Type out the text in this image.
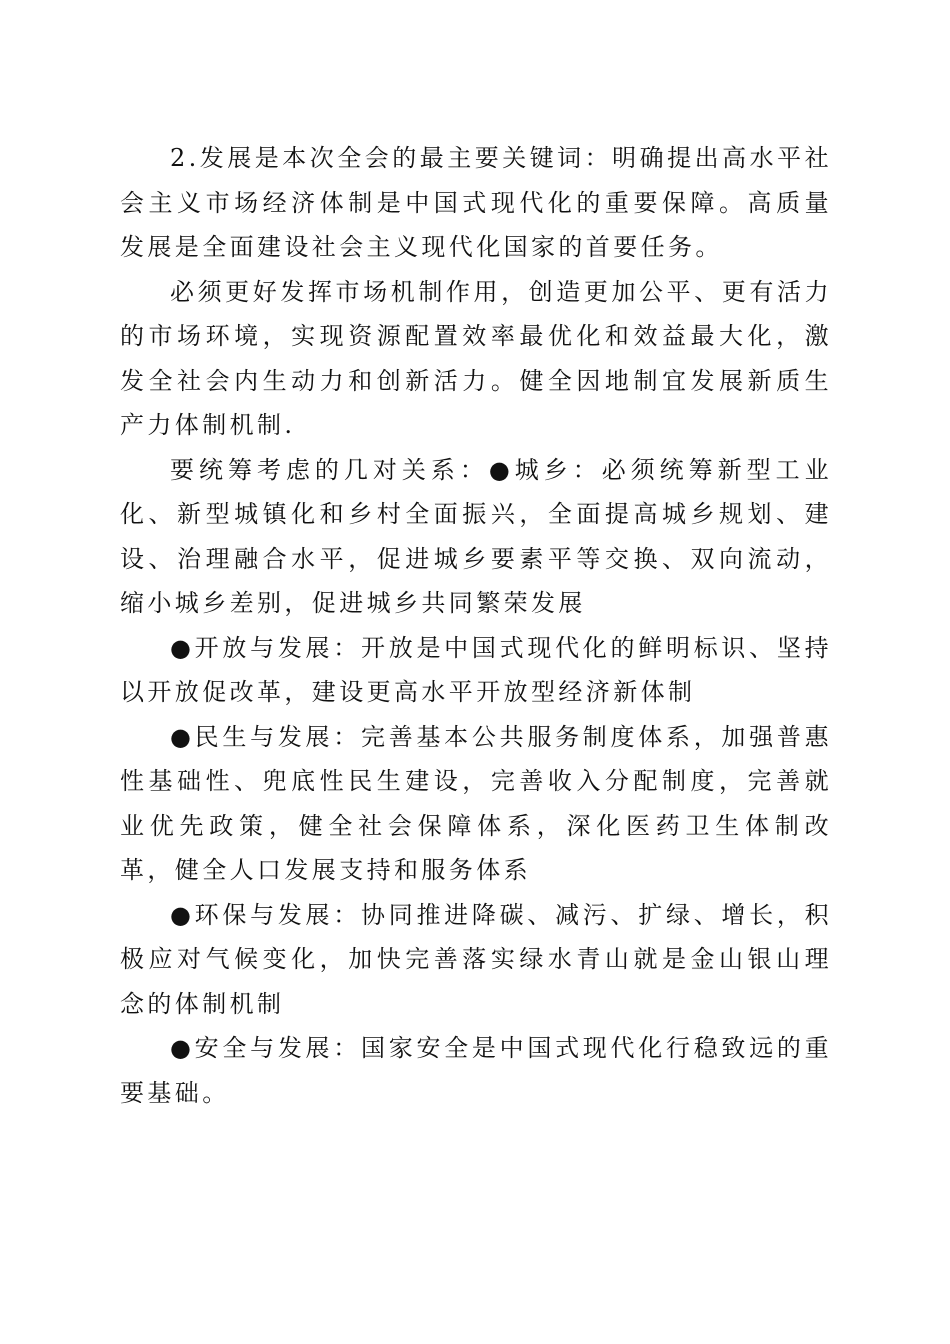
2.发展是本次全会的最主要关键词：明确提出高水平社会主义市场经济体制是中国式现代化的重要保障。高质量发展是全面建设社会主义现代化国家的首要任务。

必须更好发挥市场机制作用，创造更加公平、更有活力的市场环境，实现资源配置效率最优化和效益最大化，激发全社会内生动力和创新活力。健全因地制宜发展新质生产力体制机制.

要统筹考虑的几对关系：●城乡：必须统筹新型工业化、新型城镇化和乡村全面振兴，全面提高城乡规划、建设、治理融合水平，促进城乡要素平等交换、双向流动，缩小城乡差别，促进城乡共同繁荣发展

●开放与发展：开放是中国式现代化的鲜明标识、坚持以开放促改革，建设更高水平开放型经济新体制

●民生与发展：完善基本公共服务制度体系，加强普惠性基础性、兜底性民生建设，完善收入分配制度，完善就业优先政策，健全社会保障体系，深化医药卫生体制改革，健全人口发展支持和服务体系

●环保与发展：协同推进降碳、减污、扩绿、增长，积极应对气候变化，加快完善落实绿水青山就是金山银山理念的体制机制

●安全与发展：国家安全是中国式现代化行稳致远的重要基础。
